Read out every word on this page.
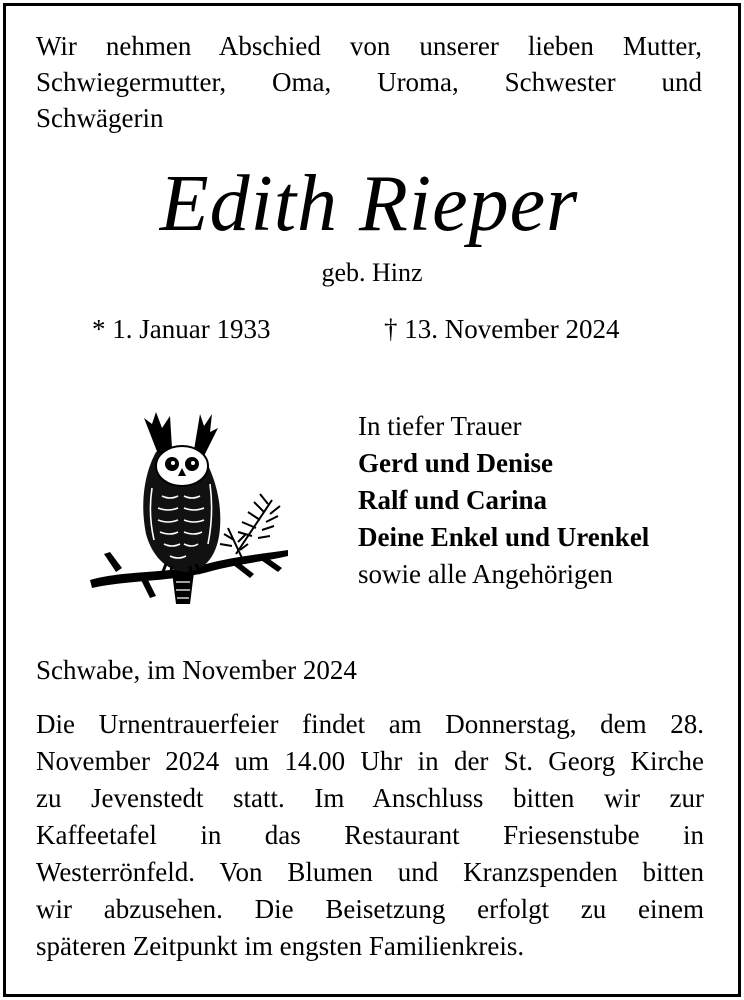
Wir nehmen Abschied von unserer lieben Mutter,
Schwiegermutter, Oma, Uroma, Schwester und
Schwägerin
Edith Rieper
geb. Hinz
* 1. Januar 1933	† 13. November 2024
In tiefer Trauer
Gerd und Denise
Ralf und Carina
Deine Enkel und Urenkel
sowie alle Angehörigen
Schwabe, im November 2024
Die Urnentrauerfeier findet am Donnerstag, dem 28.
November 2024 um 14.00 Uhr in der St. Georg Kirche
zu Jevenstedt statt. Im Anschluss bitten wir zur
Kaffeetafel in das Restaurant Friesenstube in
Westerrönfeld. Von Blumen und Kranzspenden bitten
wir abzusehen. Die Beisetzung erfolgt zu einem
späteren Zeitpunkt im engsten Familienkreis.
